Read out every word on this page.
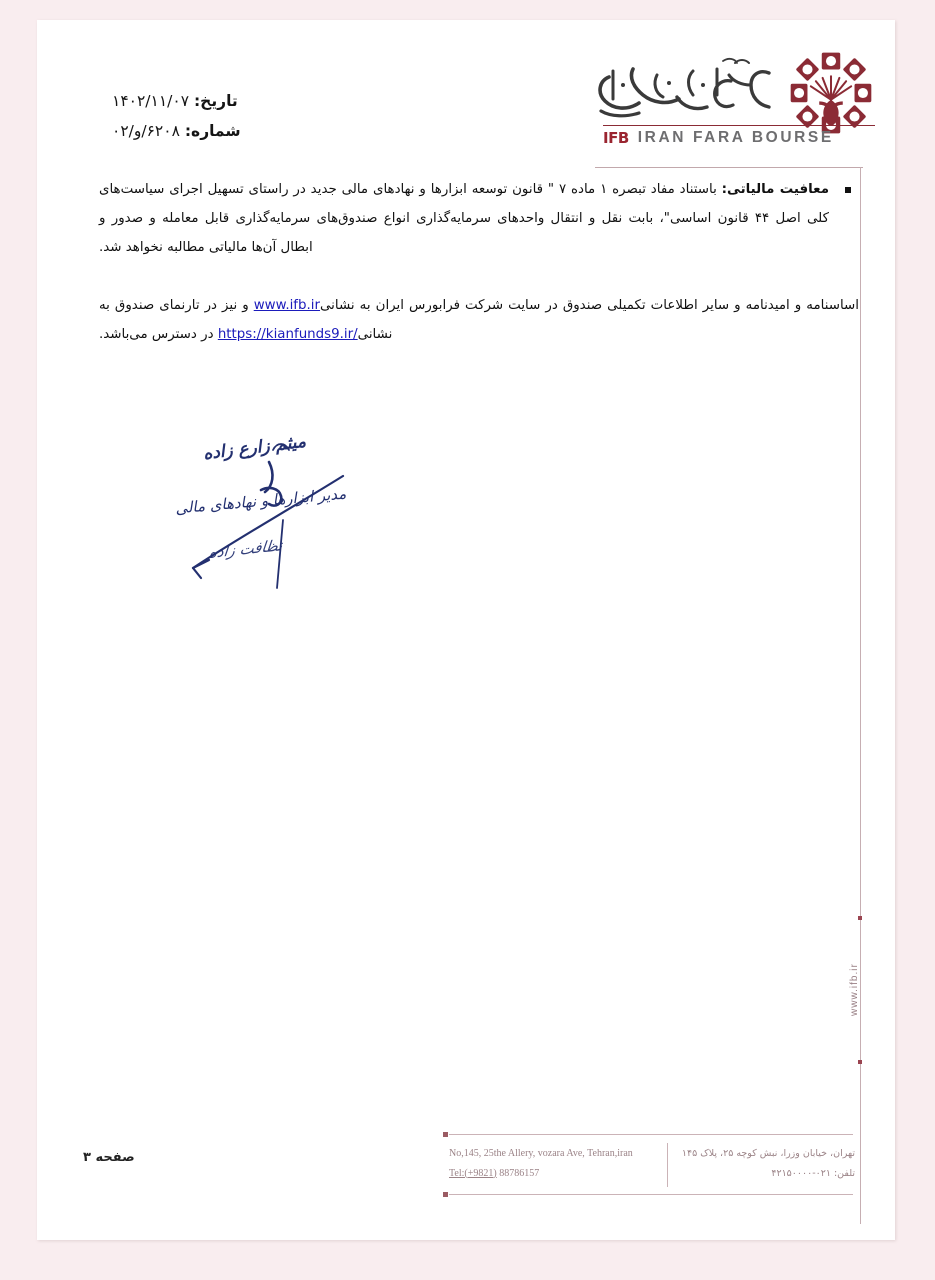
تاریخ: ۱۴۰۲/۱۱/۰۷
شماره: ۶۲۰۸/و/۰۲	IFB IRAN FARA BOURSE
www.ifb.ir
معافیت مالیاتی: باستناد مفاد تبصره ۱ ماده ۷ " قانون توسعه ابزارها و نهادهای مالی جدید در راستای تسهیل اجرای سیاست‌های کلی اصل ۴۴ قانون اساسی"، بابت نقل و انتقال واحدهای سرمایه‌گذاری انواع صندوق‌های سرمایه‌گذاری قابل معامله و صدور و ابطال آن‌ها مالیاتی مطالبه نخواهد شد.
اساسنامه و امیدنامه و سایر اطلاعات تکمیلی صندوق در سایت شرکت فرابورس ایران به نشانیwww.ifb.ir و نیز در تارنمای صندوق به نشانیhttps://kianfunds9.ir/ در دسترس می‌باشد.
میثم زارع زاده
مدیر ابزارها و نهادهای مالی
نظافت زاده
صفحه ۳	No,145, 25the Allery, vozara Ave, Tehran,iran
Tel:(+9821) 88786157
تهران، خیابان وزرا، نبش کوچه ۲۵، پلاک ۱۴۵
تلفن: ۰۲۱-۴۲۱۵۰۰۰۰
